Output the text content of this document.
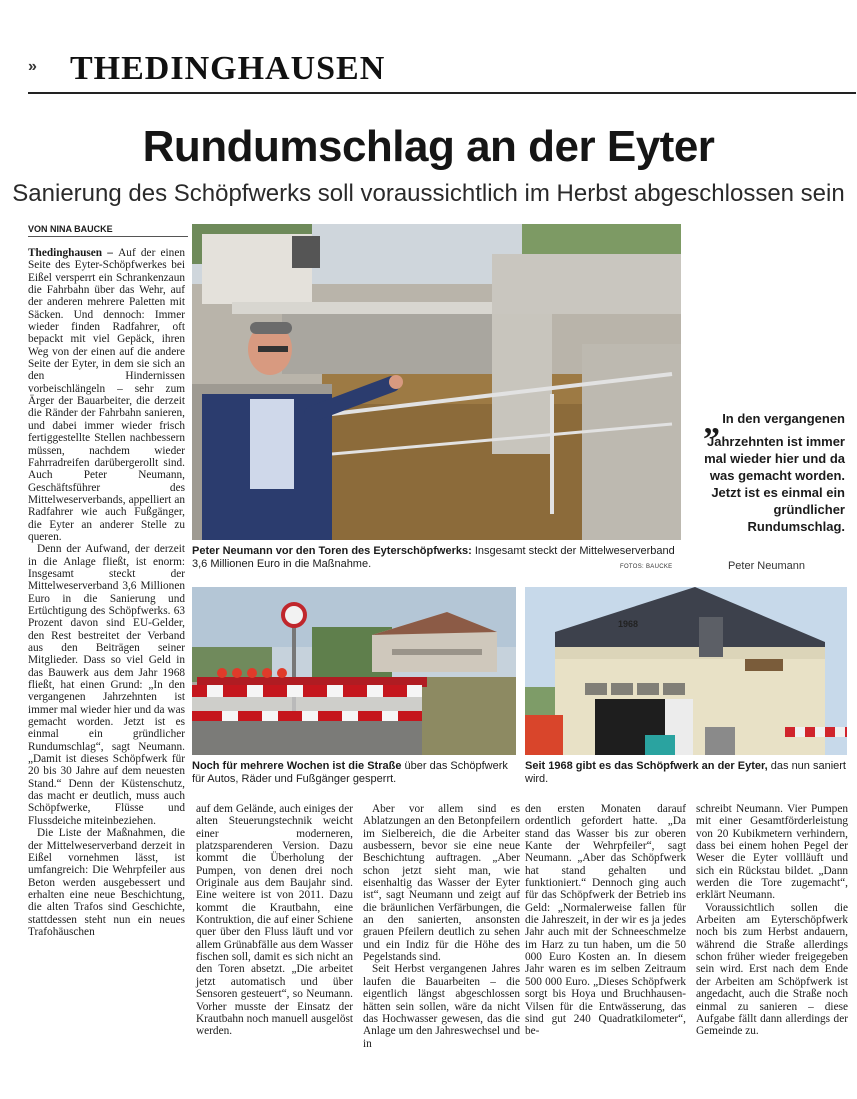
» THEDINGHAUSEN
Rundumschlag an der Eyter
Sanierung des Schöpfwerks soll voraussichtlich im Herbst abgeschlossen sein
VON NINA BAUCKE

Thedinghausen – Auf der einen Seite des Eyter-Schöpfwerkes bei Eißel versperrt ein Schrankenzaun die Fahrbahn über das Wehr, auf der anderen mehrere Paletten mit Säcken. Und dennoch: Immer wieder finden Radfahrer, oft bepackt mit viel Gepäck, ihren Weg von der einen auf die andere Seite der Eyter, in dem sie sich an den Hindernissen vorbeischlängeln – sehr zum Ärger der Bauarbeiter, die derzeit die Ränder der Fahrbahn sanieren, und dabei immer wieder frisch fertiggestellte Stellen nachbessern müssen, nachdem wieder Fahrradreifen darübergerollt sind. Auch Peter Neumann, Geschäftsführer des Mittelweserverbands, appelliert an Radfahrer wie auch Fußgänger, die Eyter an anderer Stelle zu queren.

Denn der Aufwand, der derzeit in die Anlage fließt, ist enorm: Insgesamt steckt der Mittelweserverband 3,6 Millionen Euro in die Sanierung und Ertüchtigung des Schöpfwerks. 63 Prozent davon sind EU-Gelder, den Rest bestreitet der Verband aus den Beiträgen seiner Mitglieder. Dass so viel Geld in das Bauwerk aus dem Jahr 1968 fließt, hat einen Grund: „In den vergangenen Jahrzehnten ist immer mal wieder hier und da was gemacht worden. Jetzt ist es einmal ein gründlicher Rundumschlag“, sagt Neumann. „Damit ist dieses Schöpfwerk für 20 bis 30 Jahre auf dem neuesten Stand.“ Denn der Küstenschutz, das macht er deutlich, muss auch Schöpfwerke, Flüsse und Flussdeiche miteinbeziehen.

Die Liste der Maßnahmen, die der Mittelweserverband derzeit in Eißel vornehmen lässt, ist umfangreich: Die Wehrpfeiler aus Beton werden ausgebessert und erhalten eine neue Beschichtung, die alten Trafos sind Geschichte, stattdessen steht nun ein neues Trafohäuschen

Peter Neumann vor den Toren des Eyterschöpfwerks: Insgesamt steckt der Mittelweserverband 3,6 Millionen Euro in die Maßnahme.	FOTOS: BAUCKE
„ In den vergangenen Jahrzehnten ist immer mal wieder hier und da was gemacht worden. Jetzt ist es einmal ein gründlicher Rundumschlag.
Peter Neumann
Noch für mehrere Wochen ist die Straße über das Schöpfwerk für Autos, Räder und Fußgänger gesperrt.
1968
Seit 1968 gibt es das Schöpfwerk an der Eyter, das nun saniert wird.

auf dem Gelände, auch einiges der alten Steuerungstechnik weicht einer moderneren, platzsparenderen Version. Dazu kommt die Überholung der Pumpen, von denen drei noch Originale aus dem Baujahr sind. Eine weitere ist von 2011. Dazu kommt die Krautbahn, eine Kontruktion, die auf einer Schiene quer über den Fluss läuft und vor allem Grünabfälle aus dem Wasser fischen soll, damit es sich nicht an den Toren absetzt. „Die arbeitet jetzt automatisch und über Sensoren gesteuert“, so Neumann. Vorher musste der Einsatz der Krautbahn noch manuell ausgelöst werden.

Aber vor allem sind es Ablatzungen an den Betonpfeilern im Sielbereich, die die Arbeiter ausbessern, bevor sie eine neue Beschichtung auftragen. „Aber schon jetzt sieht man, wie eisenhaltig das Wasser der Eyter ist“, sagt Neumann und zeigt auf die bräunlichen Verfärbungen, die an den sanierten, ansonsten grauen Pfeilern deutlich zu sehen und ein Indiz für die Höhe des Pegelstands sind.

Seit Herbst vergangenen Jahres laufen die Bauarbeiten – die eigentlich längst abgeschlossen hätten sein sollen, wäre da nicht das Hochwasser gewesen, das die Anlage um den Jahreswechsel und in

den ersten Monaten darauf ordentlich gefordert hatte. „Da stand das Wasser bis zur oberen Kante der Wehrpfeiler“, sagt Neumann. „Aber das Schöpfwerk hat stand gehalten und funktioniert.“ Dennoch ging auch für das Schöpfwerk der Betrieb ins Geld: „Normalerweise fallen für die Jahreszeit, in der wir es ja jedes Jahr auch mit der Schneeschmelze im Harz zu tun haben, um die 50 000 Euro Kosten an. In diesem Jahr waren es im selben Zeitraum 500 000 Euro. „Dieses Schöpfwerk sorgt bis Hoya und Bruchhausen-Vilsen für die Entwässerung, das sind gut 240 Quadratkilometer“, be-

schreibt Neumann. Vier Pumpen mit einer Gesamtförderleistung von 20 Kubikmetern verhindern, dass bei einem hohen Pegel der Weser die Eyter vollläuft und sich ein Rückstau bildet. „Dann werden die Tore zugemacht“, erklärt Neumann.

Voraussichtlich sollen die Arbeiten am Eyterschöpfwerk noch bis zum Herbst andauern, während die Straße allerdings schon früher wieder freigegeben sein wird. Erst nach dem Ende der Arbeiten am Schöpfwerk ist angedacht, auch die Straße noch einmal zu sanieren – diese Aufgabe fällt dann allerdings der Gemeinde zu.
